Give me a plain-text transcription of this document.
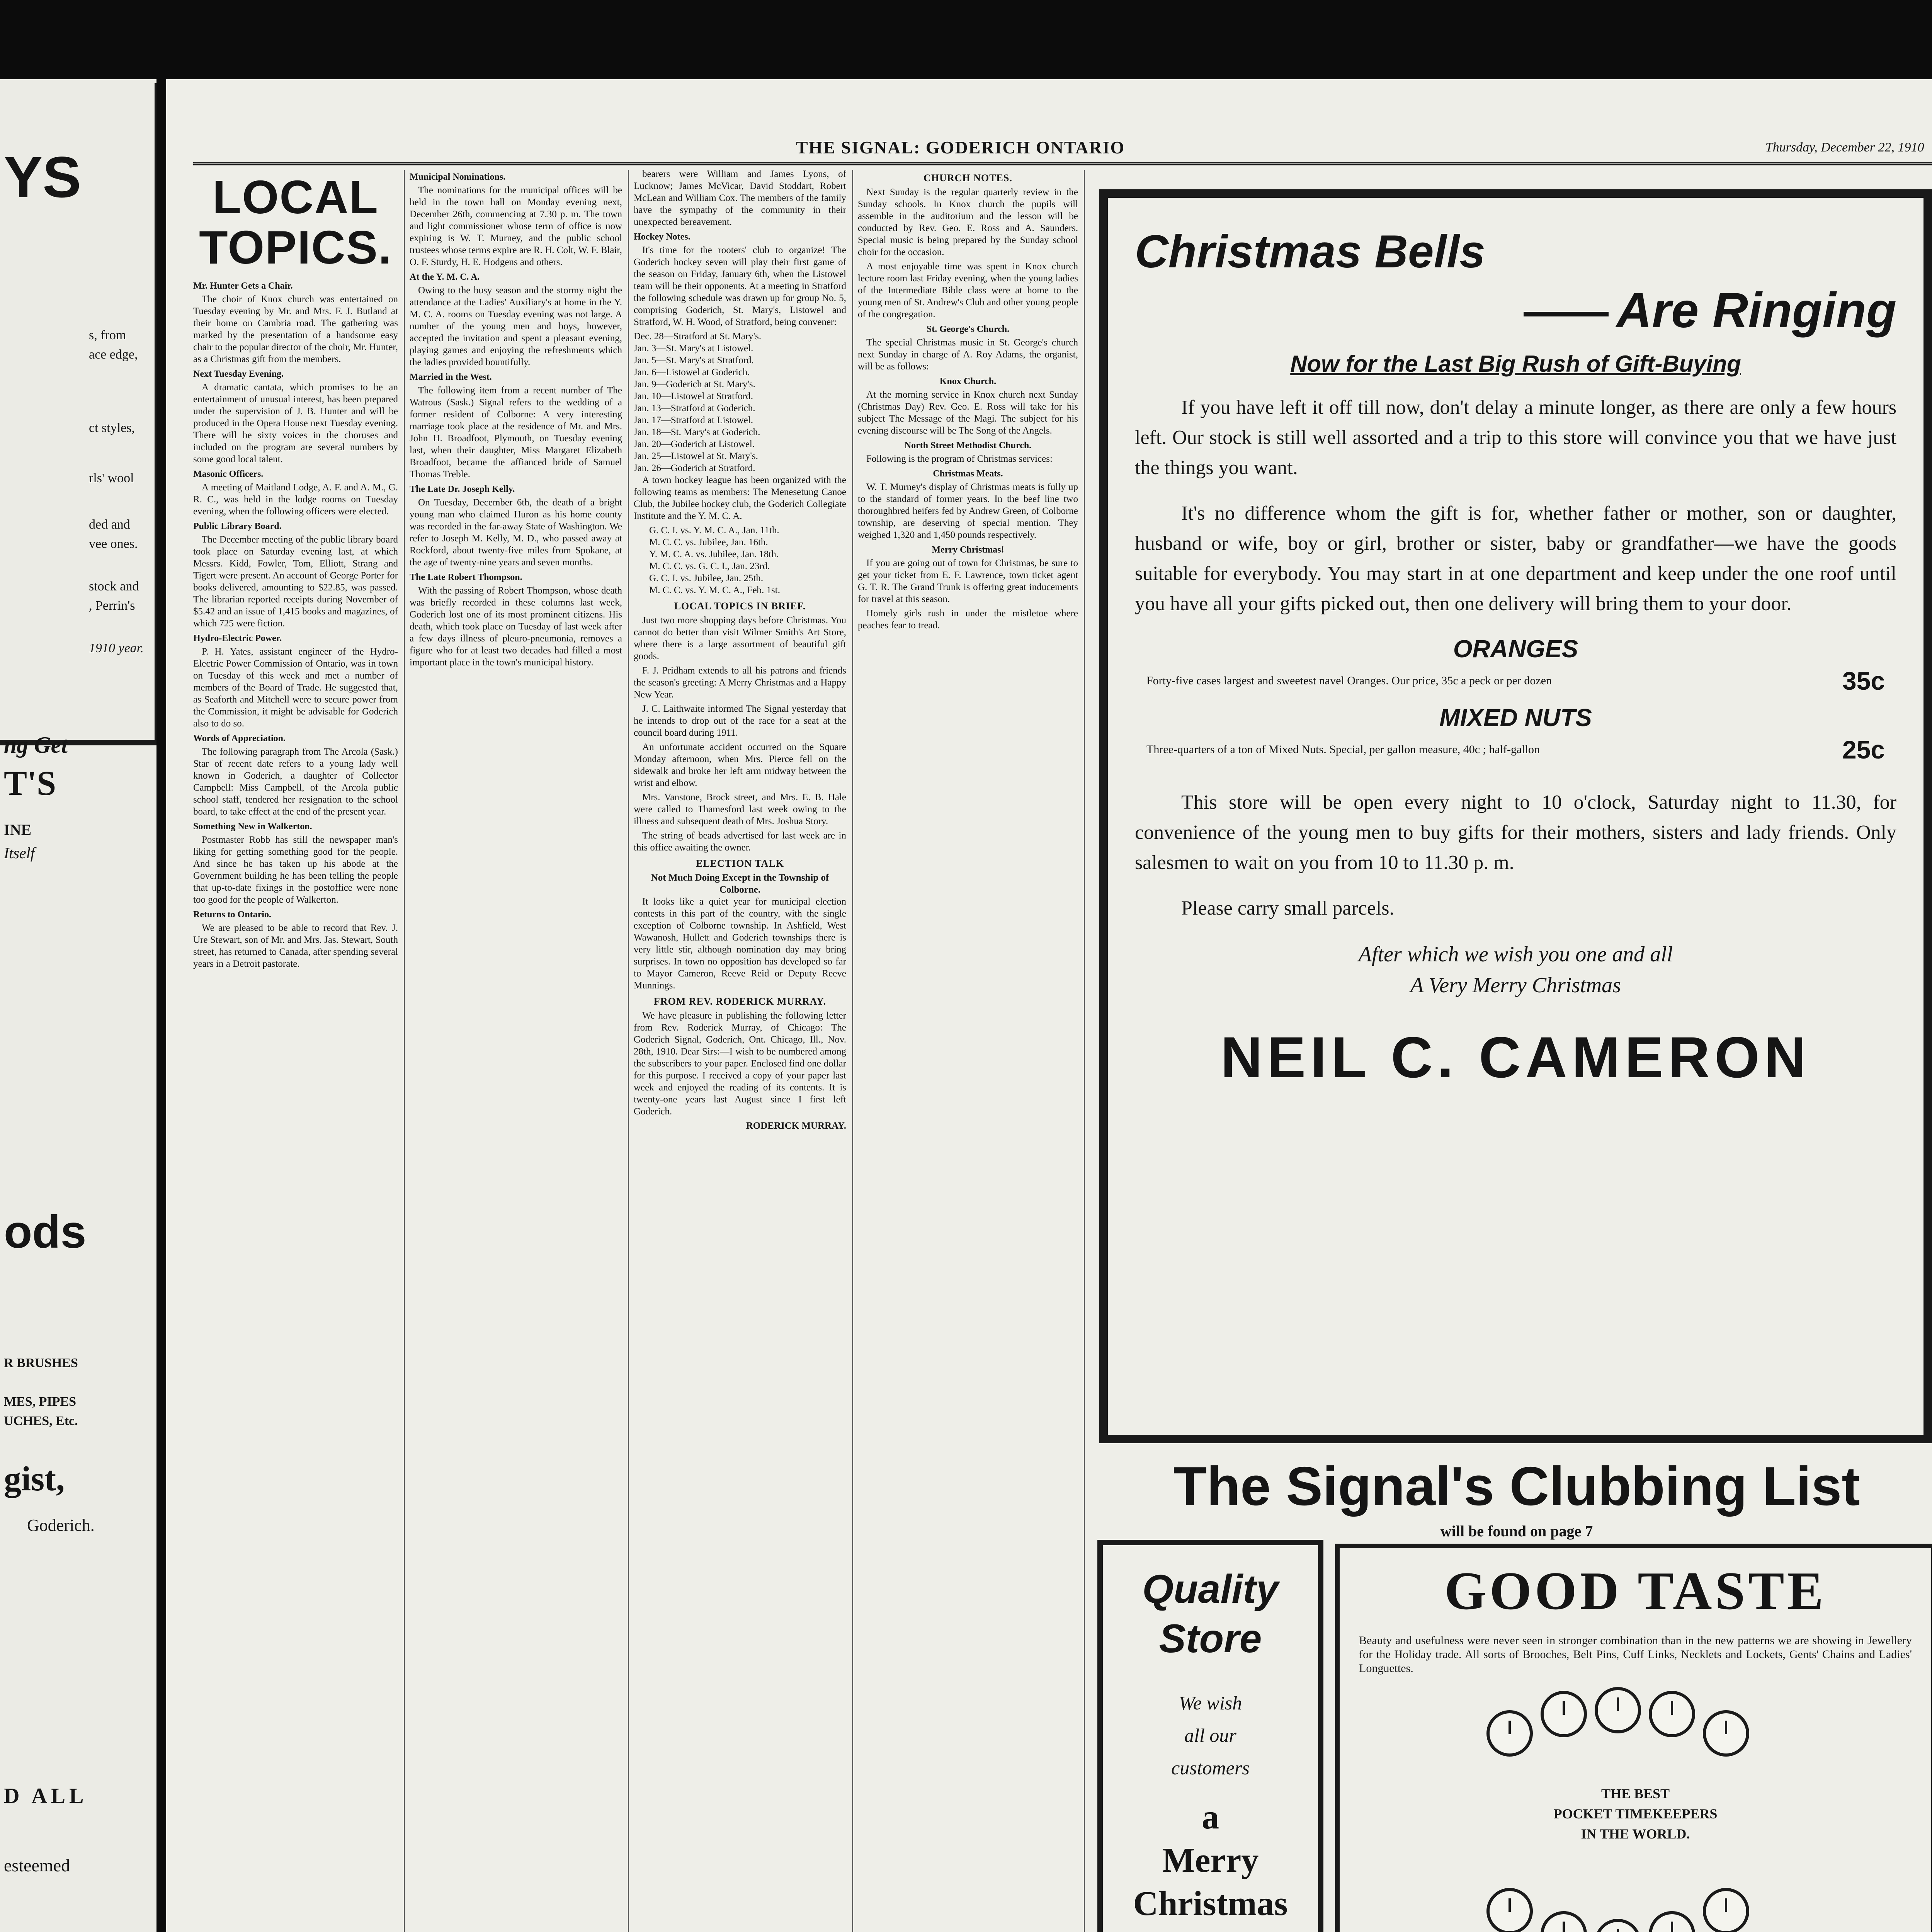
YS
s, from
ace edge,
ct styles,
rls' wool
ded and
vee ones.
stock and
, Perrin's
1910 year.
ng Get
T'S
INE
Itself
ods
R BRUSHES
MES, PIPES
UCHES, Etc.
gist,
Goderich.
D ALL
esteemed
THE SIGNAL: GODERICH ONTARIO	Thursday, December 22, 1910
LOCAL TOPICS.
Mr. Hunter Gets a Chair.

The choir of Knox church was entertained on Tuesday evening by Mr. and Mrs. F. J. Butland at their home on Cambria road. The gathering was marked by the presentation of a handsome easy chair to the popular director of the choir, Mr. Hunter, as a Christmas gift from the members.

Next Tuesday Evening.

A dramatic cantata, which promises to be an entertainment of unusual interest, has been prepared under the supervision of J. B. Hunter and will be produced in the Opera House next Tuesday evening. There will be sixty voices in the choruses and included on the program are several numbers by some good local talent.

Masonic Officers.

A meeting of Maitland Lodge, A. F. and A. M., G. R. C., was held in the lodge rooms on Tuesday evening, when the following officers were elected.

Public Library Board.

The December meeting of the public library board took place on Saturday evening last, at which Messrs. Kidd, Fowler, Tom, Elliott, Strang and Tigert were present. An account of George Porter for books delivered, amounting to $22.85, was passed. The librarian reported receipts during November of $5.42 and an issue of 1,415 books and magazines, of which 725 were fiction.

Hydro-Electric Power.

P. H. Yates, assistant engineer of the Hydro-Electric Power Commission of Ontario, was in town on Tuesday of this week and met a number of members of the Board of Trade. He suggested that, as Seaforth and Mitchell were to secure power from the Commission, it might be advisable for Goderich also to do so.

Words of Appreciation.

The following paragraph from The Arcola (Sask.) Star of recent date refers to a young lady well known in Goderich, a daughter of Collector Campbell: Miss Campbell, of the Arcola public school staff, tendered her resignation to the school board, to take effect at the end of the present year.

Something New in Walkerton.

Postmaster Robb has still the newspaper man's liking for getting something good for the people. And since he has taken up his abode at the Government building he has been telling the people that up-to-date fixings in the postoffice were none too good for the people of Walkerton.

Returns to Ontario.

We are pleased to be able to record that Rev. J. Ure Stewart, son of Mr. and Mrs. Jas. Stewart, South street, has returned to Canada, after spending several years in a Detroit pastorate.

Municipal Nominations.

The nominations for the municipal offices will be held in the town hall on Monday evening next, December 26th, commencing at 7.30 p. m. The town and light commissioner whose term of office is now expiring is W. T. Murney, and the public school trustees whose terms expire are R. H. Colt, W. F. Blair, O. F. Sturdy, H. E. Hodgens and others.

At the Y. M. C. A.

Owing to the busy season and the stormy night the attendance at the Ladies' Auxiliary's at home in the Y. M. C. A. rooms on Tuesday evening was not large. A number of the young men and boys, however, accepted the invitation and spent a pleasant evening, playing games and enjoying the refreshments which the ladies provided bountifully.

Married in the West.

The following item from a recent number of The Watrous (Sask.) Signal refers to the wedding of a former resident of Colborne: A very interesting marriage took place at the residence of Mr. and Mrs. John H. Broadfoot, Plymouth, on Tuesday evening last, when their daughter, Miss Margaret Elizabeth Broadfoot, became the affianced bride of Samuel Thomas Treble.

The Late Dr. Joseph Kelly.

On Tuesday, December 6th, the death of a bright young man who claimed Huron as his home county was recorded in the far-away State of Washington. We refer to Joseph M. Kelly, M. D., who passed away at Rockford, about twenty-five miles from Spokane, at the age of twenty-nine years and seven months.

The Late Robert Thompson.

With the passing of Robert Thompson, whose death was briefly recorded in these columns last week, Goderich lost one of its most prominent citizens. His death, which took place on Tuesday of last week after a few days illness of pleuro-pneumonia, removes a figure who for at least two decades had filled a most important place in the town's municipal history.

bearers were William and James Lyons, of Lucknow; James McVicar, David Stoddart, Robert McLean and William Cox. The members of the family have the sympathy of the community in their unexpected bereavement.

Hockey Notes.

It's time for the rooters' club to organize! The Goderich hockey seven will play their first game of the season on Friday, January 6th, when the Listowel team will be their opponents. At a meeting in Stratford the following schedule was drawn up for group No. 5, comprising Goderich, St. Mary's, Listowel and Stratford, W. H. Wood, of Stratford, being convener:

Dec. 28—Stratford at St. Mary's.
Jan. 3—St. Mary's at Listowel.
Jan. 5—St. Mary's at Stratford.
Jan. 6—Listowel at Goderich.
Jan. 9—Goderich at St. Mary's.
Jan. 10—Listowel at Stratford.
Jan. 13—Stratford at Goderich.
Jan. 17—Stratford at Listowel.
Jan. 18—St. Mary's at Goderich.
Jan. 20—Goderich at Listowel.
Jan. 25—Listowel at St. Mary's.
Jan. 26—Goderich at Stratford.

A town hockey league has been organized with the following teams as members: The Menesetung Canoe Club, the Jubilee hockey club, the Goderich Collegiate Institute and the Y. M. C. A.

G. C. I. vs. Y. M. C. A., Jan. 11th.
M. C. C. vs. Jubilee, Jan. 16th.
Y. M. C. A. vs. Jubilee, Jan. 18th.
M. C. C. vs. G. C. I., Jan. 23rd.
G. C. I. vs. Jubilee, Jan. 25th.
M. C. C. vs. Y. M. C. A., Feb. 1st.
LOCAL TOPICS IN BRIEF.

Just two more shopping days before Christmas. You cannot do better than visit Wilmer Smith's Art Store, where there is a large assortment of beautiful gift goods.

F. J. Pridham extends to all his patrons and friends the season's greeting: A Merry Christmas and a Happy New Year.

J. C. Laithwaite informed The Signal yesterday that he intends to drop out of the race for a seat at the council board during 1911.

An unfortunate accident occurred on the Square Monday afternoon, when Mrs. Pierce fell on the sidewalk and broke her left arm midway between the wrist and elbow.

Mrs. Vanstone, Brock street, and Mrs. E. B. Hale were called to Thamesford last week owing to the illness and subsequent death of Mrs. Joshua Story.

The string of beads advertised for last week are in this office awaiting the owner.

ELECTION TALK
Not Much Doing Except in the Township of Colborne.

It looks like a quiet year for municipal election contests in this part of the country, with the single exception of Colborne township. In Ashfield, West Wawanosh, Hullett and Goderich townships there is very little stir, although nomination day may bring surprises. In town no opposition has developed so far to Mayor Cameron, Reeve Reid or Deputy Reeve Munnings.

FROM REV. RODERICK MURRAY.

We have pleasure in publishing the following letter from Rev. Roderick Murray, of Chicago: The Goderich Signal, Goderich, Ont. Chicago, Ill., Nov. 28th, 1910. Dear Sirs:—I wish to be numbered among the subscribers to your paper. Enclosed find one dollar for this purpose. I received a copy of your paper last week and enjoyed the reading of its contents. It is twenty-one years last August since I first left Goderich.

RODERICK MURRAY.
CHURCH NOTES.

Next Sunday is the regular quarterly review in the Sunday schools. In Knox church the pupils will assemble in the auditorium and the lesson will be conducted by Rev. Geo. E. Ross and A. Saunders. Special music is being prepared by the Sunday school choir for the occasion.

A most enjoyable time was spent in Knox church lecture room last Friday evening, when the young ladies of the Intermediate Bible class were at home to the young men of St. Andrew's Club and other young people of the congregation.

St. George's Church.

The special Christmas music in St. George's church next Sunday in charge of A. Roy Adams, the organist, will be as follows:

Knox Church.

At the morning service in Knox church next Sunday (Christmas Day) Rev. Geo. E. Ross will take for his subject The Message of the Magi. The subject for his evening discourse will be The Song of the Angels.

North Street Methodist Church.

Following is the program of Christmas services:

Christmas Meats.

W. T. Murney's display of Christmas meats is fully up to the standard of former years. In the beef line two thoroughbred heifers fed by Andrew Green, of Colborne township, are deserving of special mention. They weighed 1,320 and 1,450 pounds respectively.

Merry Christmas!

If you are going out of town for Christmas, be sure to get your ticket from E. F. Lawrence, town ticket agent G. T. R. The Grand Trunk is offering great inducements for travel at this season.

Homely girls rush in under the mistletoe where peaches fear to tread.

Christmas Bells
Are Ringing
Now for the Last Big Rush of Gift-Buying

If you have left it off till now, don't delay a minute longer, as there are only a few hours left. Our stock is still well assorted and a trip to this store will convince you that we have just the things you want.

It's no difference whom the gift is for, whether father or mother, son or daughter, husband or wife, boy or girl, brother or sister, baby or grandfather—we have the goods suitable for everybody. You may start in at one department and keep under the one roof until you have all your gifts picked out, then one delivery will bring them to your door.

ORANGES
Forty-five cases largest and sweetest navel Oranges. Our price, 35c a peck or per dozen	35c
MIXED NUTS
Three-quarters of a ton of Mixed Nuts. Special, per gallon measure, 40c ; half-gallon	25c

This store will be open every night to 10 o'clock, Saturday night to 11.30, for convenience of the young men to buy gifts for their mothers, sisters and lady friends. Only salesmen to wait on you from 10 to 11.30 p. m.

Please carry small parcels.

After which we wish you one and all
A Very Merry Christmas
NEIL C. CAMERON
The Signal's Clubbing List
will be found on page 7
Quality
Store
We wish
all our
customers
a
Merry
Christmas
GOOD TASTE

Beauty and usefulness were never seen in stronger combination than in the new patterns we are showing in Jewellery for the Holiday trade. All sorts of Brooches, Belt Pins, Cuff Links, Necklets and Lockets, Gents' Chains and Ladies' Longuettes.

THE BEST
POCKET TIMEKEEPERS
IN THE WORLD.
